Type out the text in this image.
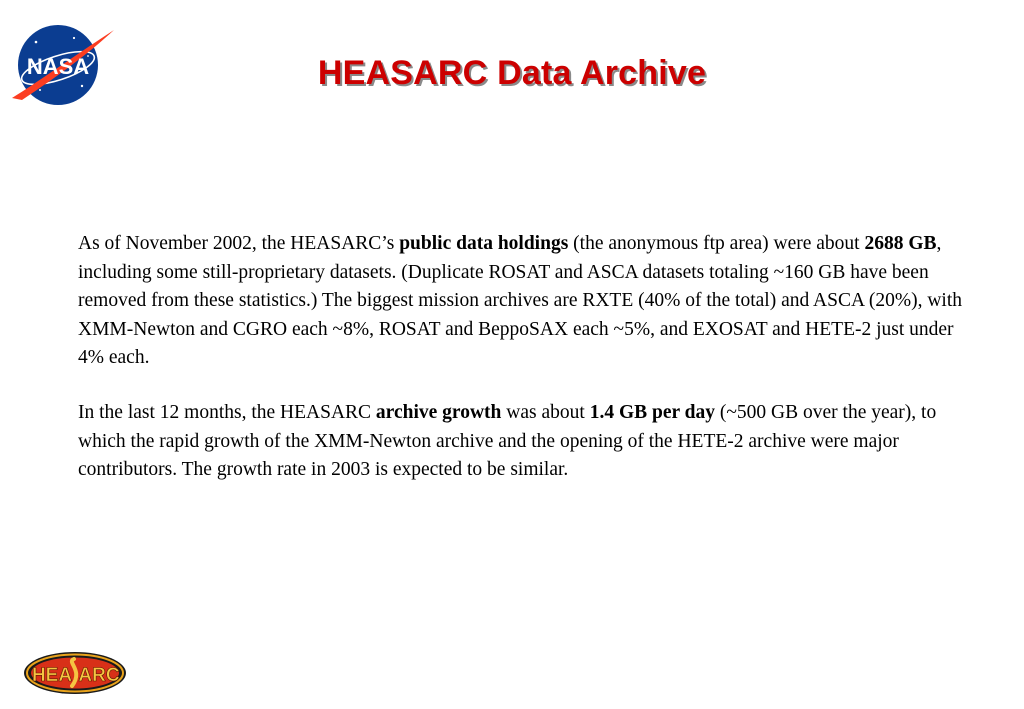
NASA	HEASARC Data Archive

As of November 2002, the HEASARC’s public data holdings (the anonymous ftp area) were about 2688 GB, including some still-proprietary datasets. (Duplicate ROSAT and ASCA datasets totaling ~160 GB have been removed from these statistics.) The biggest mission archives are RXTE (40% of the total) and ASCA (20%), with XMM-Newton and CGRO each ~8%, ROSAT and BeppoSAX each ~5%, and EXOSAT and HETE-2 just under 4% each.

In the last 12 months, the HEASARC archive growth was about 1.4 GB per day (~500 GB over the year), to which the rapid growth of the XMM-Newton archive and the opening of the HETE-2 archive were major contributors. The growth rate in 2003 is expected to be similar.

HEA ARC
